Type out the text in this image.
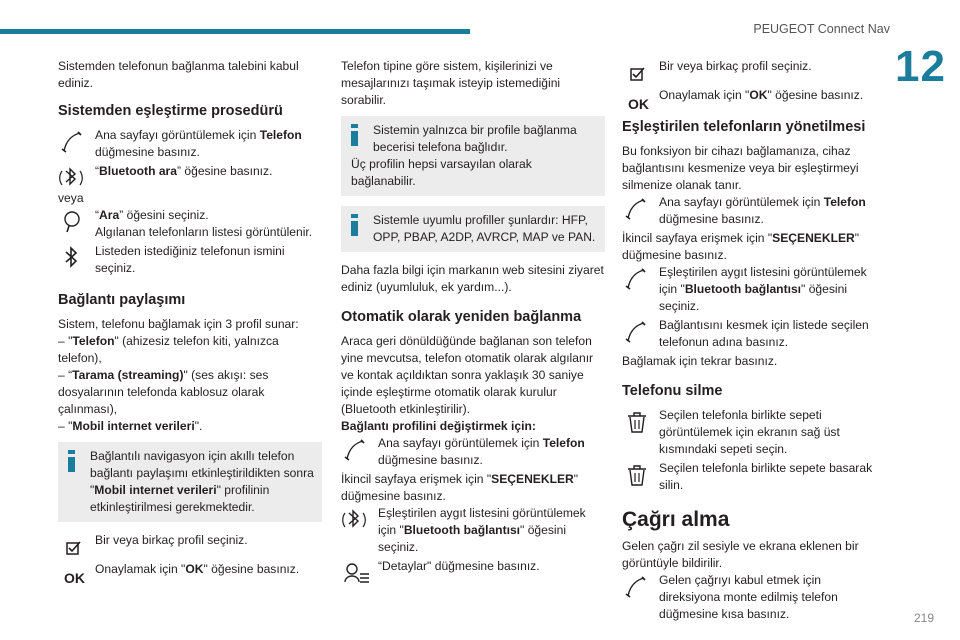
PEUGEOT Connect Nav
12
219

Sistemden telefonun bağlanma talebini kabul ediniz.

Sistemden eşleştirme prosedürü
Ana sayfayı görüntülemek için Telefon düğmesine basınız.
“Bluetooth ara” öğesine basınız.

veya

“Ara” öğesini seçiniz.
Algılanan telefonların listesi görüntülenir.
Listeden istediğiniz telefonun ismini seçiniz.
Bağlantı paylaşımı

Sistem, telefonu bağlamak için 3 profil sunar:

– "Telefon" (ahizesiz telefon kiti, yalnızca telefon),

– “Tarama (streaming)" (ses akışı: ses dosyalarının telefonda kablosuz olarak çalınması),

– "Mobil internet verileri".

Bağlantılı navigasyon için akıllı telefon bağlantı paylaşımı etkinleştirildikten sonra "Mobil internet verileri" profilinin etkinleştirilmesi gerekmektedir.
Bir veya birkaç profil seçiniz.
OK
Onaylamak için "OK" öğesine basınız.

Telefon tipine göre sistem, kişilerinizi ve mesajlarınızı taşımak isteyip istemediğini sorabilir.

Sistemin yalnızca bir profile bağlanma becerisi telefona bağlıdır.
Üç profilin hepsi varsayılan olarak bağlanabilir.
Sistemle uyumlu profiller şunlardır: HFP, OPP, PBAP, A2DP, AVRCP, MAP ve PAN.

Daha fazla bilgi için markanın web sitesini ziyaret ediniz (uyumluluk, ek yardım...).

Otomatik olarak yeniden bağlanma

Araca geri dönüldüğünde bağlanan son telefon yine mevcutsa, telefon otomatik olarak algılanır ve kontak açıldıktan sonra yaklaşık 30 saniye içinde eşleştirme otomatik olarak kurulur (Bluetooth etkinleştirilir).

Bağlantı profilini değiştirmek için:

Ana sayfayı görüntülemek için Telefon düğmesine basınız.

İkincil sayfaya erişmek için "SEÇENEKLER" düğmesine basınız.

Eşleştirilen aygıt listesini görüntülemek için "Bluetooth bağlantısı" öğesini seçiniz.
“Detaylar" düğmesine basınız.
Bir veya birkaç profil seçiniz.
OK
Onaylamak için "OK" öğesine basınız.
Eşleştirilen telefonların yönetilmesi

Bu fonksiyon bir cihazı bağlamanıza, cihaz bağlantısını kesmenize veya bir eşleştirmeyi silmenize olanak tanır.

Ana sayfayı görüntülemek için Telefon düğmesine basınız.

İkincil sayfaya erişmek için "SEÇENEKLER" düğmesine basınız.

Eşleştirilen aygıt listesini görüntülemek için "Bluetooth bağlantısı" öğesini seçiniz.
Bağlantısını kesmek için listede seçilen telefonun adına basınız.

Bağlamak için tekrar basınız.

Telefonu silme
Seçilen telefonla birlikte sepeti görüntülemek için ekranın sağ üst kısmındaki sepeti seçin.
Seçilen telefonla birlikte sepete basarak silin.
Çağrı alma

Gelen çağrı zil sesiyle ve ekrana eklenen bir görüntüyle bildirilir.

Gelen çağrıyı kabul etmek için direksiyona monte edilmiş telefon düğmesine kısa basınız.
